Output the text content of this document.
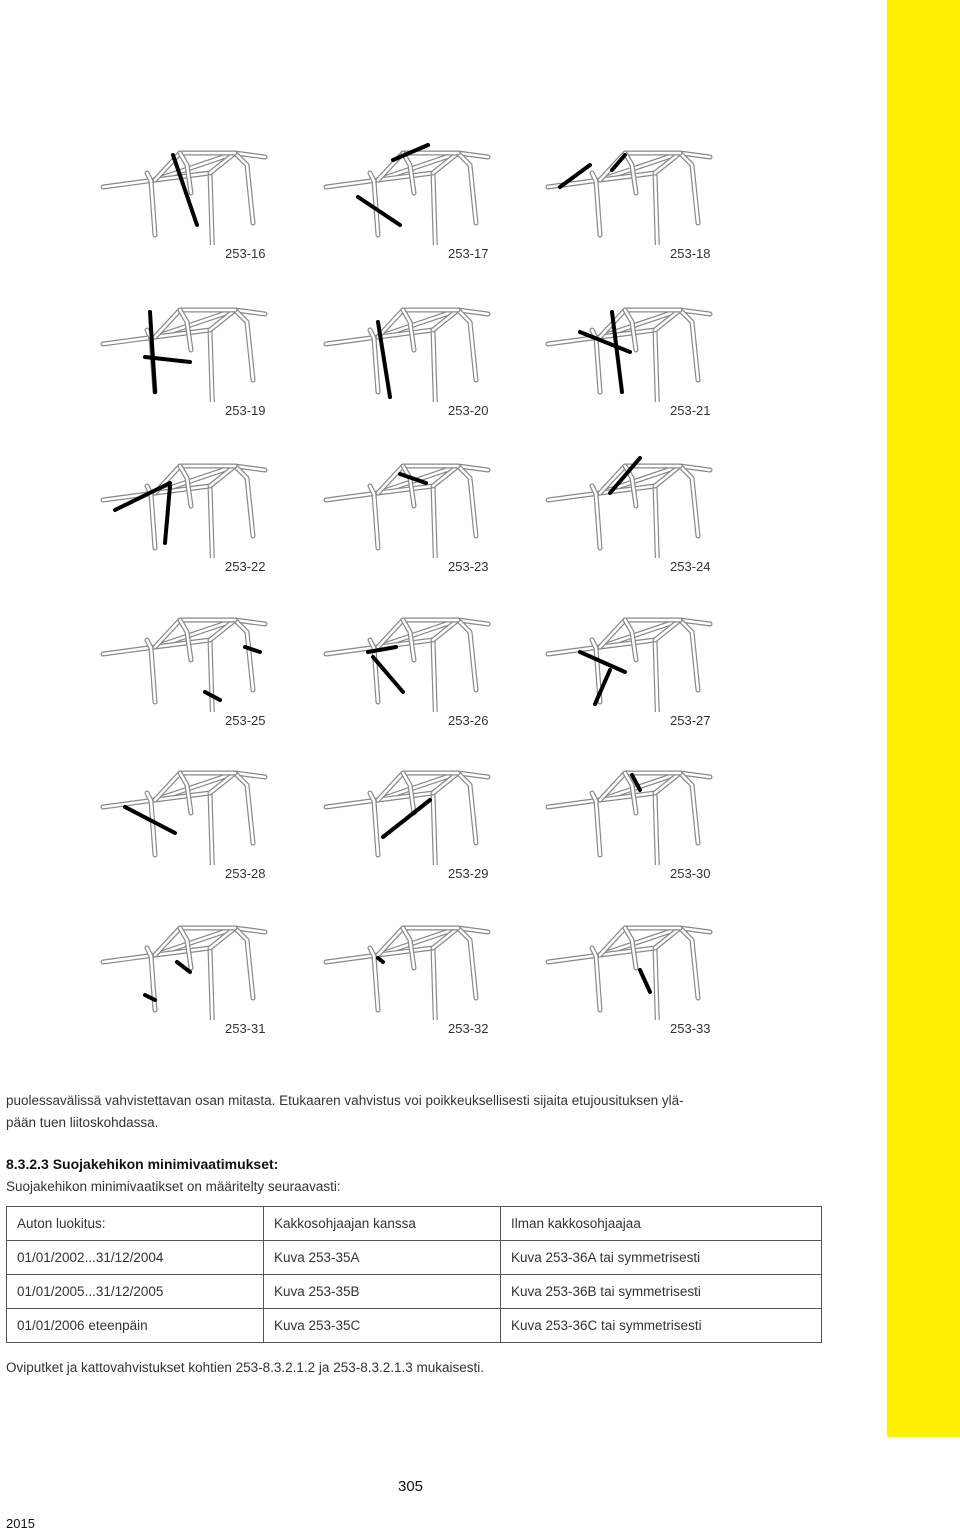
253-16	253-17	253-18
253-19	253-20	253-21
253-22	253-23	253-24
253-25	253-26	253-27
253-28	253-29	253-30
253-31	253-32	253-33
puolessavälissä vahvistettavan osan mitasta. Etukaaren vahvistus voi poikkeuksellisesti sijaita etujousituksen ylä-
pään tuen liitoskohdassa.
8.3.2.3 Suojakehikon minimivaatimukset:
Suojakehikon minimivaatikset on määritelty seuraavasti:
Auton luokitus:	Kakkosohjaajan kanssa	Ilman kakkosohjaajaa
01/01/2002...31/12/2004	Kuva 253-35A	Kuva 253-36A tai symmetrisesti
01/01/2005...31/12/2005	Kuva 253-35B	Kuva 253-36B tai symmetrisesti
01/01/2006 eteenpäin	Kuva 253-35C	Kuva 253-36C tai symmetrisesti
Oviputket ja kattovahvistukset kohtien 253-8.3.2.1.2 ja 253-8.3.2.1.3 mukaisesti.
305
2015
